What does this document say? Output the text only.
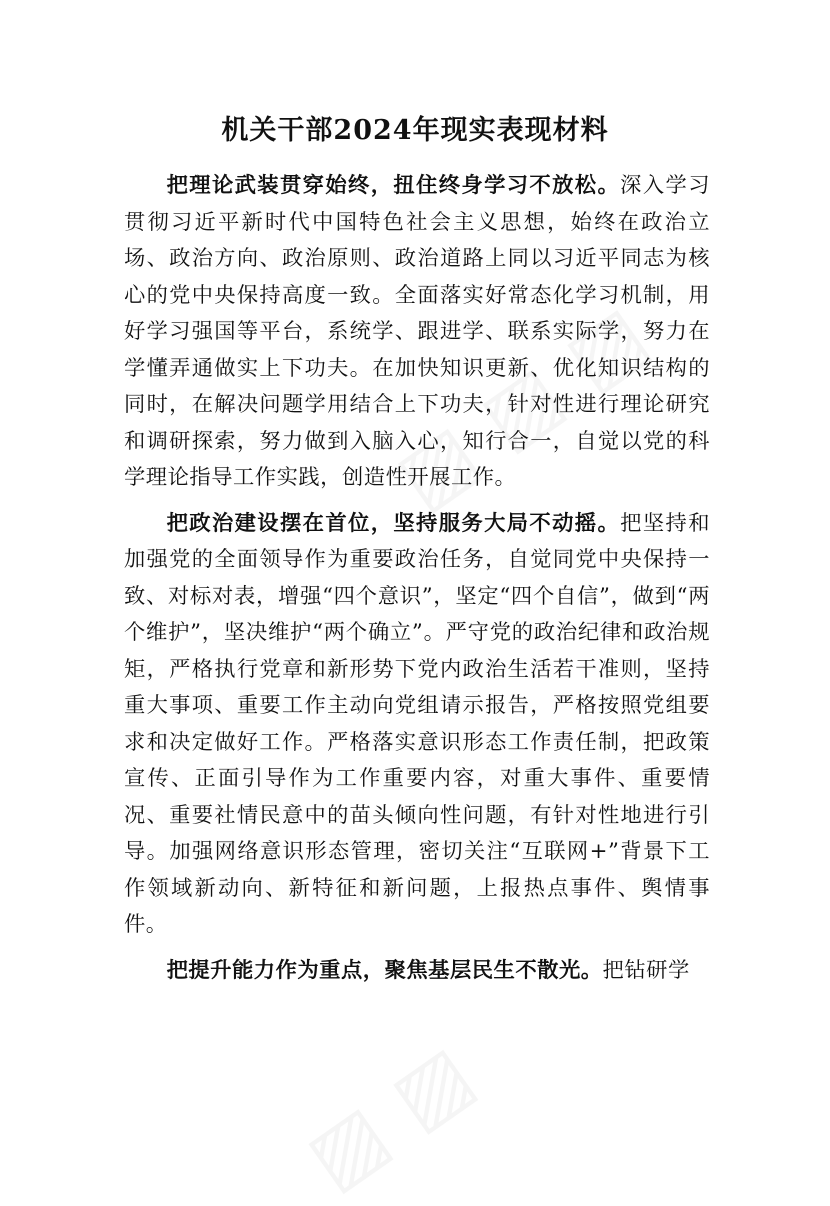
机关干部2024年现实表现材料

把理论武装贯穿始终，扭住终身学习不放松。深入学习贯彻习近平新时代中国特色社会主义思想，始终在政治立场、政治方向、政治原则、政治道路上同以习近平同志为核心的党中央保持高度一致。全面落实好常态化学习机制，用好学习强国等平台，系统学、跟进学、联系实际学，努力在学懂弄通做实上下功夫。在加快知识更新、优化知识结构的同时，在解决问题学用结合上下功夫，针对性进行理论研究和调研探索，努力做到入脑入心，知行合一，自觉以党的科学理论指导工作实践，创造性开展工作。

把政治建设摆在首位，坚持服务大局不动摇。把坚持和加强党的全面领导作为重要政治任务，自觉同党中央保持一致、对标对表，增强“四个意识”，坚定“四个自信”，做到“两个维护”，坚决维护“两个确立”。严守党的政治纪律和政治规矩，严格执行党章和新形势下党内政治生活若干准则，坚持重大事项、重要工作主动向党组请示报告，严格按照党组要求和决定做好工作。严格落实意识形态工作责任制，把政策宣传、正面引导作为工作重要内容，对重大事件、重要情况、重要社情民意中的苗头倾向性问题，有针对性地进行引导。加强网络意识形态管理，密切关注“互联网+”背景下工作领域新动向、新特征和新问题，上报热点事件、舆情事件。

把提升能力作为重点，聚焦基层民生不散光。把钻研学
